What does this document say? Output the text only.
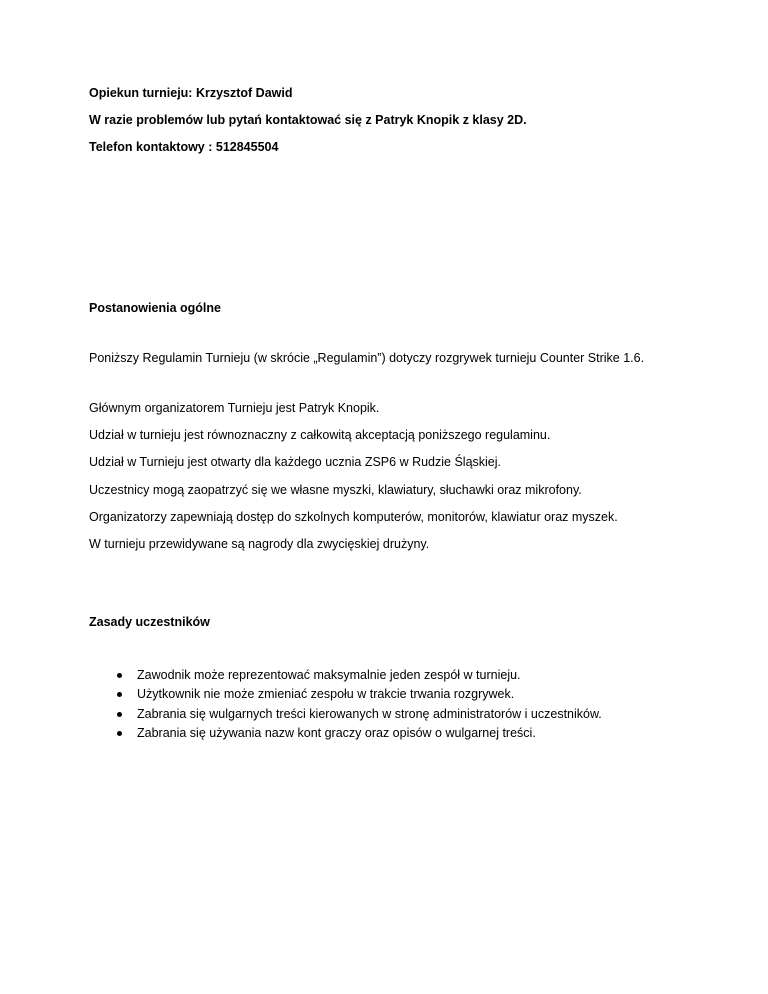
Opiekun turnieju: Krzysztof Dawid
W razie problemów lub pytań kontaktować się z Patryk Knopik z klasy 2D.
Telefon kontaktowy : 512845504
Postanowienia ogólne
Poniższy Regulamin Turnieju (w skrócie „Regulamin”) dotyczy rozgrywek turnieju Counter Strike 1.6.
Głównym organizatorem Turnieju jest Patryk Knopik.
Udział w turnieju jest równoznaczny z całkowitą akceptacją poniższego regulaminu.
Udział w Turnieju jest otwarty dla każdego ucznia ZSP6 w Rudzie Śląskiej.
Uczestnicy mogą zaopatrzyć się we własne myszki, klawiatury, słuchawki oraz mikrofony.
Organizatorzy zapewniają dostęp do szkolnych komputerów, monitorów, klawiatur oraz myszek.
W turnieju przewidywane są nagrody dla zwycięskiej drużyny.
Zasady uczestników
Zawodnik może reprezentować maksymalnie jeden zespół w turnieju.
Użytkownik nie może zmieniać zespołu w trakcie trwania rozgrywek.
Zabrania się wulgarnych treści kierowanych w stronę administratorów i uczestników.
Zabrania się używania nazw kont graczy oraz opisów o wulgarnej treści.
